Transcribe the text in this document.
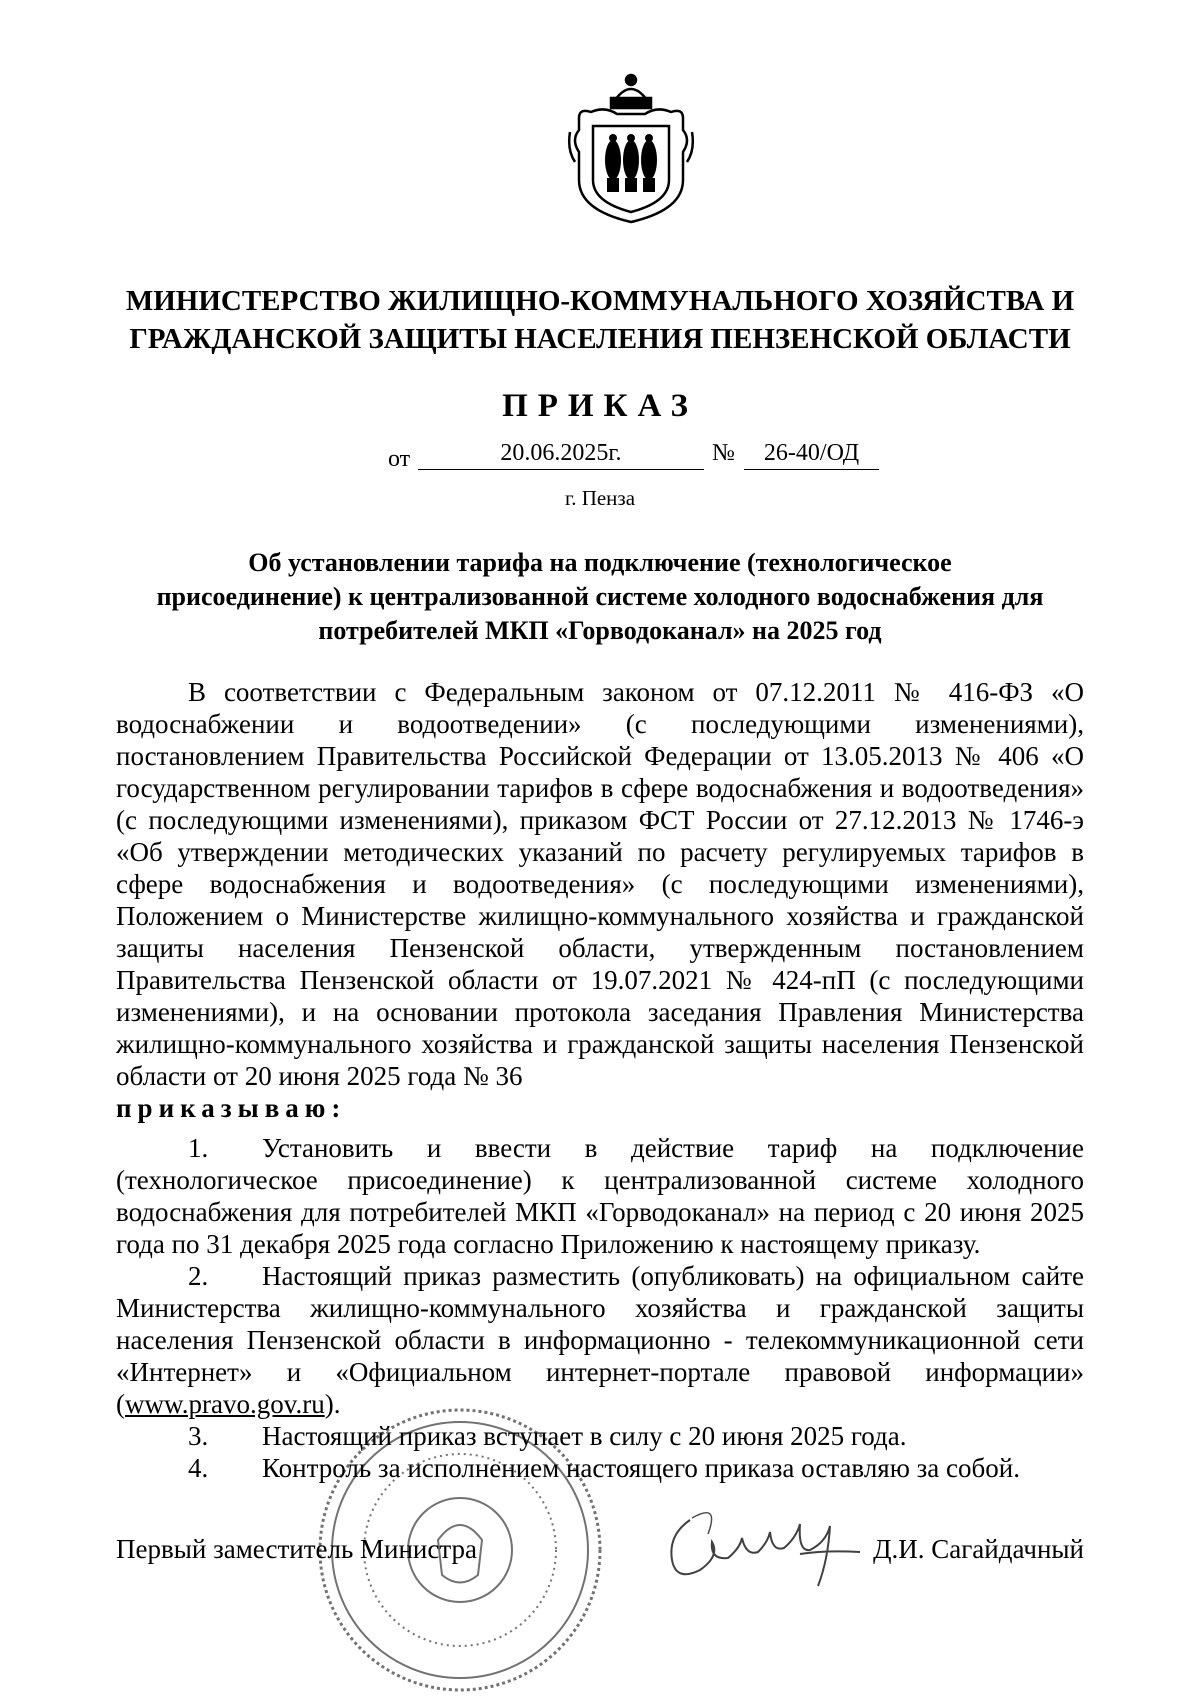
МИНИСТЕРСТВО ЖИЛИЩНО-КОММУНАЛЬНОГО ХОЗЯЙСТВА И
ГРАЖДАНСКОЙ ЗАЩИТЫ НАСЕЛЕНИЯ ПЕНЗЕНСКОЙ ОБЛАСТИ
ПРИКАЗ
от	20.06.2025г.	№	26-40/ОД
г. Пенза
Об установлении тарифа на подключение (технологическое
присоединение) к централизованной системе холодного водоснабжения для
потребителей МКП «Горводоканал» на 2025 год

В соответствии с Федеральным законом от 07.12.2011 № 416-ФЗ «О водоснабжении и водоотведении» (с последующими изменениями), постановлением Правительства Российской Федерации от 13.05.2013 № 406 «О государственном регулировании тарифов в сфере водоснабжения и водоотведения» (с последующими изменениями), приказом ФСТ России от 27.12.2013 № 1746-э «Об утверждении методических указаний по расчету регулируемых тарифов в сфере водоснабжения и водоотведения» (с последующими изменениями), Положением о Министерстве жилищно-коммунального хозяйства и гражданской защиты населения Пензенской области, утвержденным постановлением Правительства Пензенской области от 19.07.2021 № 424-пП (с последующими изменениями), и на основании протокола заседания Правления Министерства жилищно-коммунального хозяйства и гражданской защиты населения Пензенской области от 20 июня 2025 года № 36

приказываю:

1. Установить и ввести в действие тариф на подключение (технологическое присоединение) к централизованной системе холодного водоснабжения для потребителей МКП «Горводоканал» на период с 20 июня 2025 года по 31 декабря 2025 года согласно Приложению к настоящему приказу.

2. Настоящий приказ разместить (опубликовать) на официальном сайте Министерства жилищно-коммунального хозяйства и гражданской защиты населения Пензенской области в информационно - телекоммуникационной сети «Интернет» и «Официальном интернет-портале правовой информации» (www.pravo.gov.ru).

3. Настоящий приказ вступает в силу с 20 июня 2025 года.

4. Контроль за исполнением настоящего приказа оставляю за собой.

Первый заместитель Министра	Д.И. Сагайдачный
